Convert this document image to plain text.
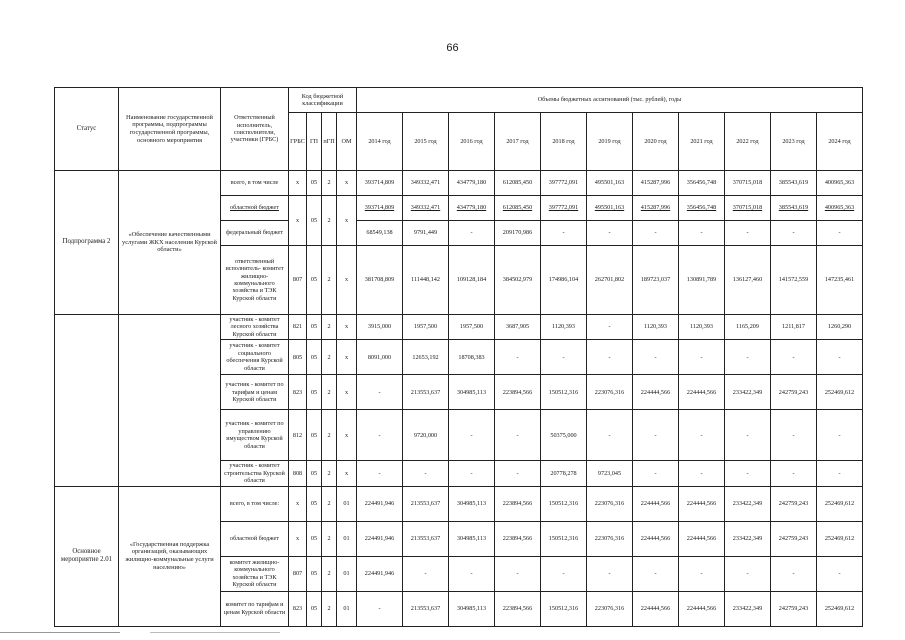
66
Статус	Наименование государственной программы, подпрограммы государственной программы, основного мероприятия	Ответственный исполнитель, соисполнители, участники (ГРБС)	Код бюджетной классификации				Объемы бюджетных ассигнований (тыс. рублей), годы										
			ГРБС	ГП	пГП	ОМ	2014 год	2015 год	2016 год	2017 год	2018 год	2019 год	2020 год	2021 год	2022 год	2023 год	2024 год
Подпрограмма 2	«Обеспечение качественными услугами ЖКХ населения Курской области»	всего, в том числе	x	05	2	x	393714,809	349332,471	434779,180	612085,450	397772,091	495501,163	415287,996	356456,748	370715,018	385543,619	400965,363
		областной бюджет	x	05	2	x	393714,809	349332,471	434779,180	612085,450	397772,091	495501,163	415287,996	356456,748	370715,018	385543,619	400965,363
		федеральный бюджет					68549,138	9791,449	-	209170,986	-	-	-	-	-	-	-
		ответственный исполнитель- комитет жилищно-коммунального хозяйства и ТЭК Курской области	807	05	2	x	381708,809	111448,142	109128,184	384502,979	174986,104	262701,802	189723,037	130891,789	136127,460	141572,559	147235,461
		участник - комитет лесного хозяйства Курской области	821	05	2	x	3915,000	1957,500	1957,500	3687,905	1120,393	-	1120,393	1120,393	1165,209	1211,817	1260,290
		участник - комитет социального обеспечения Курской области	805	05	2	x	8091,000	12653,192	18708,383	-	-	-	-	-	-	-	-
		участник - комитет по тарифам и ценам Курской области	823	05	2	x	-	213553,637	304985,113	223894,566	150512,316	223076,316	224444,566	224444,566	233422,349	242759,243	252469,612
		участник - комитет по управлению имуществом Курской области	812	05	2	x	-	9720,000	-	-	50375,000	-	-	-	-	-	-
		участник - комитет строительства Курской области	808	05	2	x	-	-	-	-	20778,278	9723,045	-	-	-	-	-
Основное мероприятие 2.01	«Государственная поддержка организаций, оказывающих жилищно-коммунальные услуги населению»	всего, в том числе:	x	05	2	01	224491,946	213553,637	304985,113	223894,566	150512,316	223076,316	224444,566	224444,566	233422,349	242759,243	252469,612
		областной бюджет	x	05	2	01	224491,946	213553,637	304985,113	223894,566	150512,316	223076,316	224444,566	224444,566	233422,349	242759,243	252469,612
		комитет жилищно-коммунального хозяйства и ТЭК Курской области	807	05	2	01	224491,946	-	-	-	-	-	-	-	-	-	-
		комитет по тарифам и ценам Курской области	823	05	2	01	-	213553,637	304985,113	223894,566	150512,316	223076,316	224444,566	224444,566	233422,349	242759,243	252469,612
